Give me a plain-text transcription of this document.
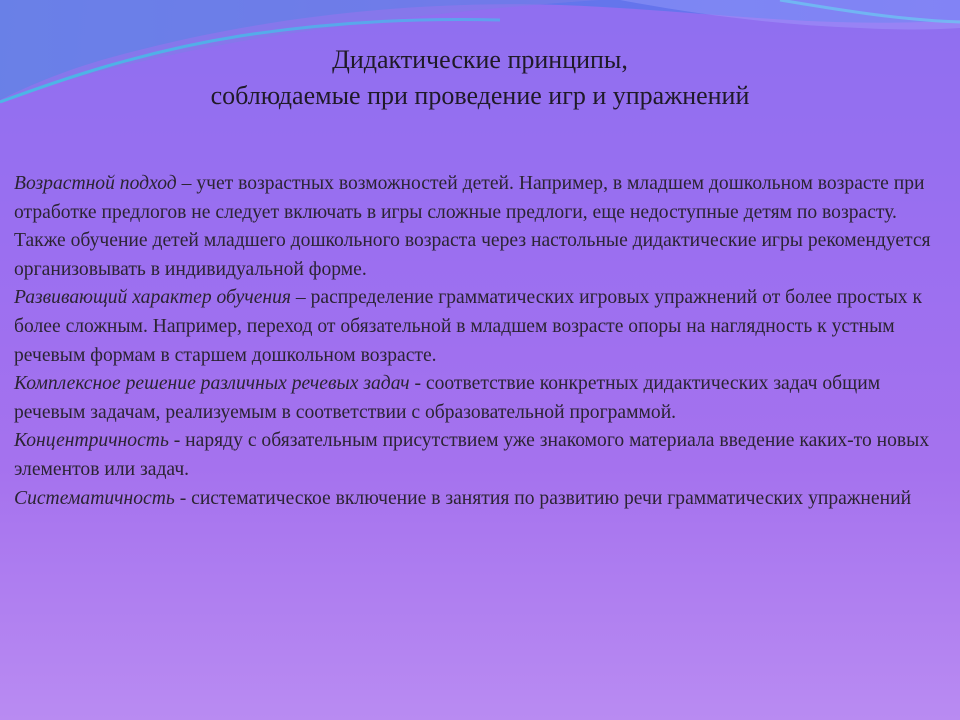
Дидактические принципы,
соблюдаемые при проведение игр и упражнений

Возрастной подход – учет возрастных возможностей детей. Например, в младшем дошкольном возрасте при отработке предлогов не следует включать в игры сложные предлоги, еще недоступные детям по возрасту. Также обучение детей младшего дошкольного возраста через настольные дидактические игры рекомендуется организовывать в индивидуальной форме.

Развивающий характер обучения – распределение грамматических игровых упражнений от более простых к более сложным. Например, переход от обязательной в младшем возрасте опоры на наглядность к устным речевым формам в старшем дошкольном возрасте.

Комплексное решение различных речевых задач - соответствие конкретных дидактических задач общим речевым задачам, реализуемым в соответствии с образовательной программой.

Концентричность - наряду с обязательным присутствием уже знакомого материала введение каких-то новых элементов или задач.

Систематичность - систематическое включение в занятия по развитию речи грамматических упражнений
